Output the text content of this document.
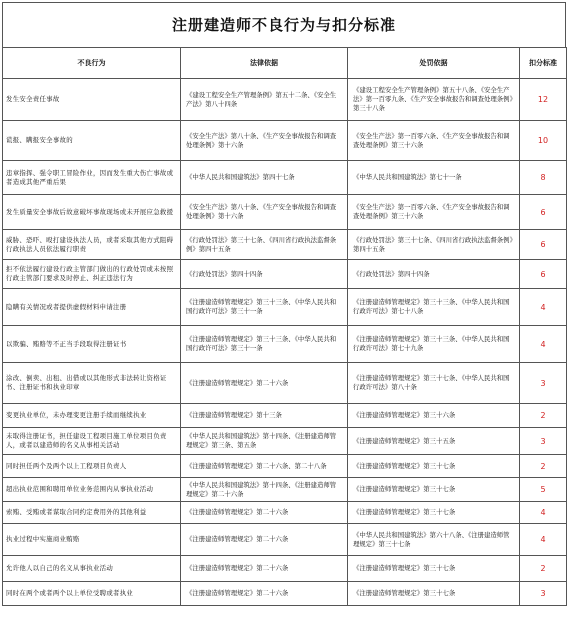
注册建造师不良行为与扣分标准
不良行为	法律依据	处罚依据	扣分标准
发生安全责任事故	《建设工程安全生产管理条例》第五十二条、《安全生产法》第八十四条	《建设工程安全生产管理条例》第五十八条、《安全生产法》第一百零九条、《生产安全事故报告和调查处理条例》第三十八条	12
谎报、瞒报安全事故的	《安全生产法》第八十条、《生产安全事故报告和调查处理条例》第十六条	《安全生产法》第一百零六条、《生产安全事故报告和调查处理条例》第三十六条	10
违章指挥、强令职工冒险作业，因而发生重大伤亡事故或者造成其他严重后果	《中华人民共和国建筑法》第四十七条	《中华人民共和国建筑法》第七十一条	8
发生质量安全事故后故意破坏事故现场或未开展应急救援	《安全生产法》第八十条、《生产安全事故报告和调查处理条例》第十六条	《安全生产法》第一百零六条、《生产安全事故报告和调查处理条例》第三十六条	6
威胁、恐吓、殴打建设执法人员，或者采取其他方式阻碍行政执法人员依法履行职责	《行政处罚法》第三十七条、《四川省行政执法监督条例》第四十五条	《行政处罚法》第三十七条、《四川省行政执法监督条例》第四十五条	6
拒不依法履行建设行政主管部门做出的行政处罚或未按照行政主管部门要求及时停止、纠正违法行为	《行政处罚法》第四十四条	《行政处罚法》第四十四条	6
隐瞒有关情况或者提供虚假材料申请注册	《注册建造师管理规定》第三十三条、《中华人民共和国行政许可法》第三十一条	《注册建造师管理规定》第三十三条、《中华人民共和国行政许可法》第七十八条	4
以欺骗、贿赂等不正当手段取得注册证书	《注册建造师管理规定》第三十三条、《中华人民共和国行政许可法》第三十一条	《注册建造师管理规定》第三十三条、《中华人民共和国行政许可法》第七十九条	4
涂改、倒卖、出租、出借或以其他形式非法转让资格证书、注册证书和执业印章	《注册建造师管理规定》第二十六条	《注册建造师管理规定》第三十七条、《中华人民共和国行政许可法》第八十条	3
变更执业单位，未办理变更注册手续而继续执业	《注册建造师管理规定》第十三条	《注册建造师管理规定》第三十六条	2
未取得注册证书，担任建设工程项目施工单位项目负责人，或者以建造师的名义从事相关活动	《中华人民共和国建筑法》第十四条、《注册建造师管理规定》第三条、第五条	《注册建造师管理规定》第三十五条	3
同时担任两个及两个以上工程项目负责人	《注册建造师管理规定》第二十六条、第二十八条	《注册建造师管理规定》第三十七条	2
超出执业范围和聘用单位业务范围内从事执业活动	《中华人民共和国建筑法》第十四条、《注册建造师管理规定》第二十六条	《注册建造师管理规定》第三十七条	5
索贿、受贿或者谋取合同约定费用外的其他利益	《注册建造师管理规定》第二十六条	《注册建造师管理规定》第三十七条	4
执业过程中实施商业贿赂	《注册建造师管理规定》第二十六条	《中华人民共和国建筑法》第六十八条、《注册建造师管理规定》第三十七条	4
允许他人以自己的名义从事执业活动	《注册建造师管理规定》第二十六条	《注册建造师管理规定》第三十七条	2
同时在两个或者两个以上单位受聘或者执业	《注册建造师管理规定》第二十六条	《注册建造师管理规定》第三十七条	3
